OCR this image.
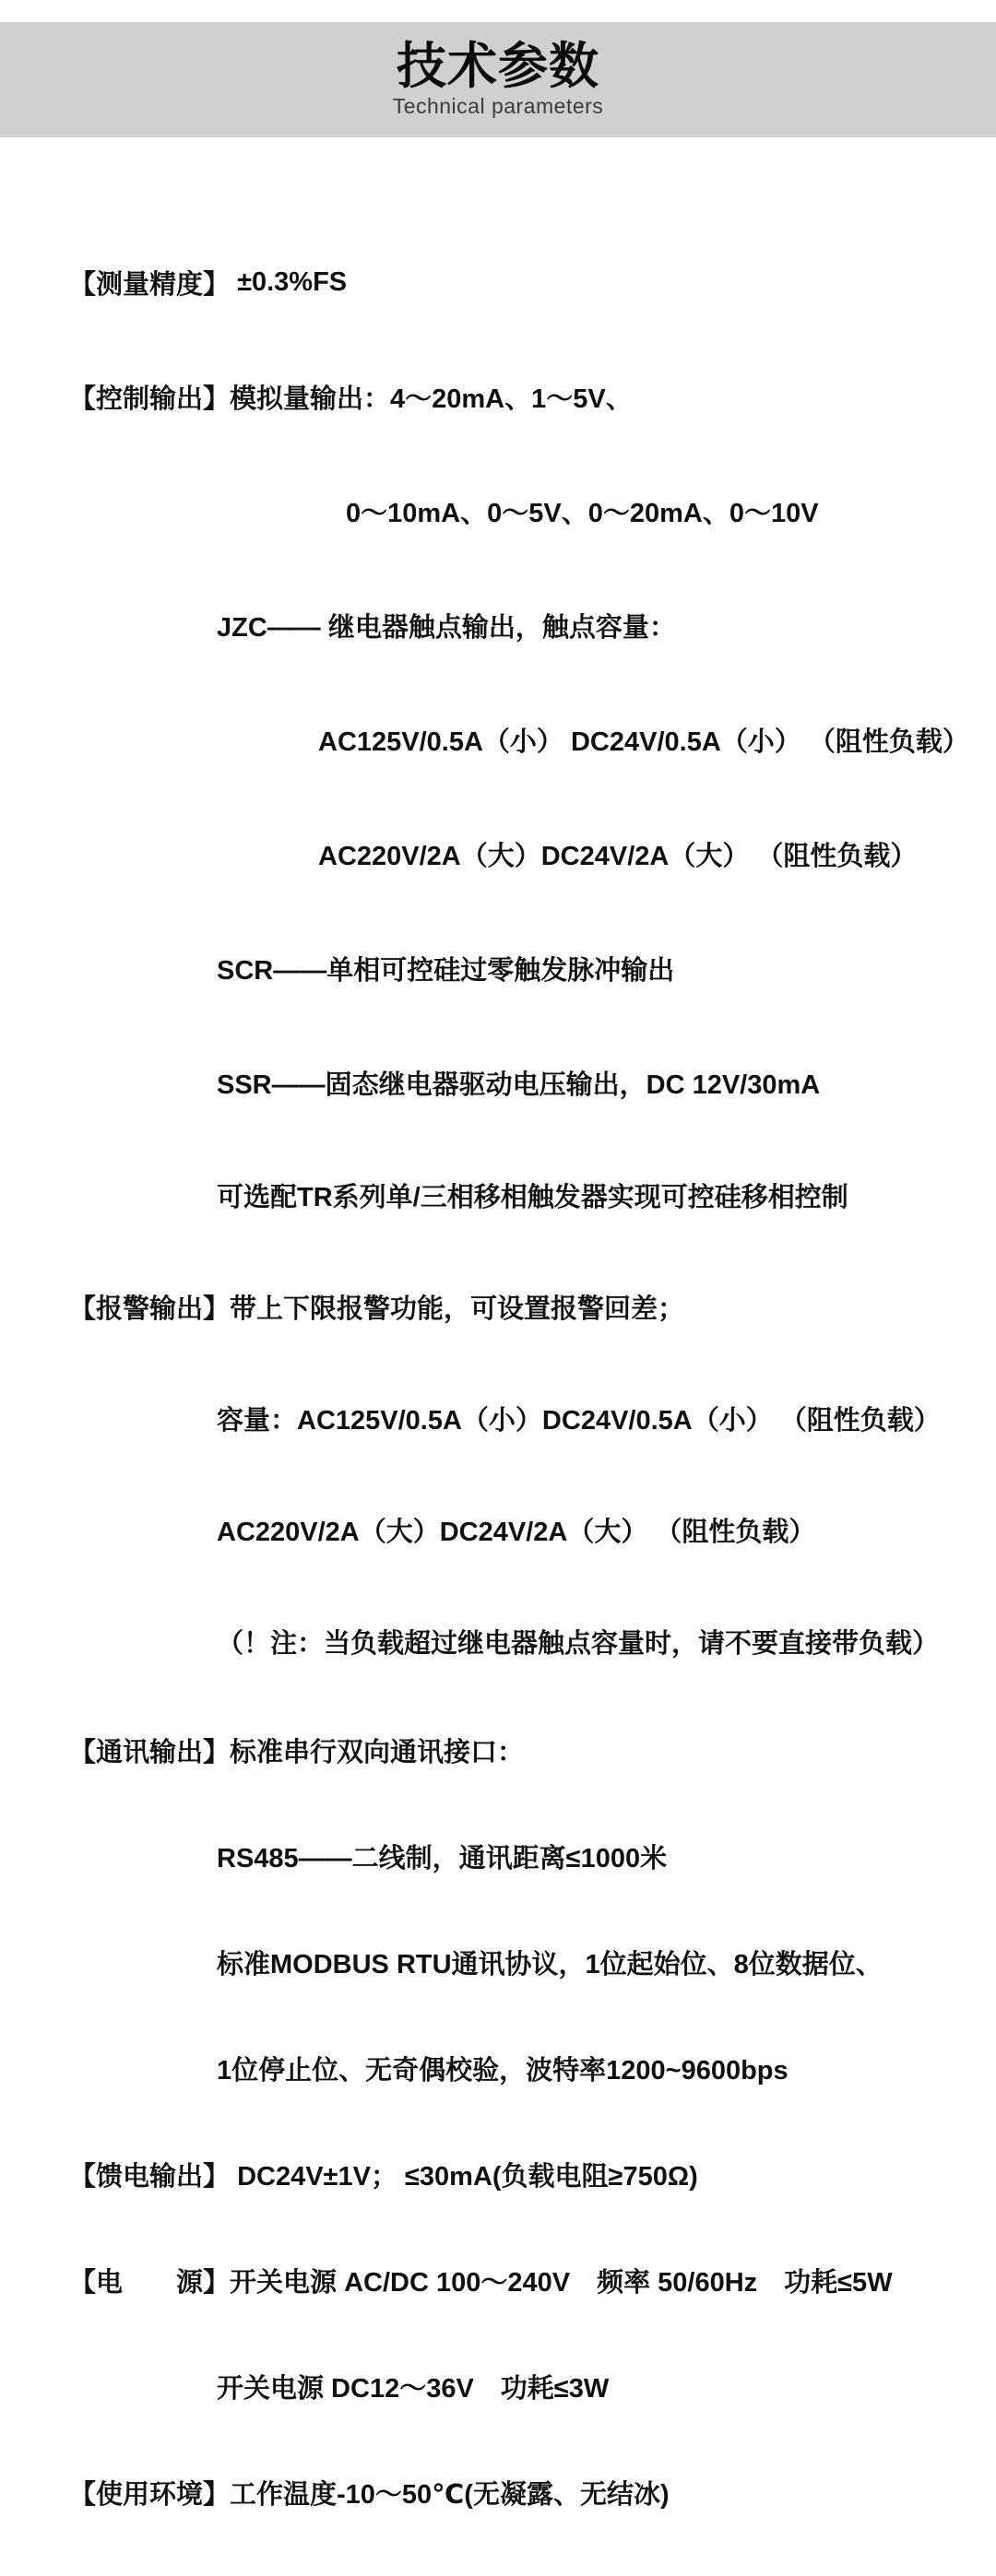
技术参数
Technical parameters

【测量精度】 ±0.3%FS

【控制输出】 模拟量输出：4～20mA、1～5V、

0～10mA、0～5V、0～20mA、0～10V

JZC—— 继电器触点输出，触点容量：

AC125V/0.5A（小） DC24V/0.5A（小） （阻性负载）

AC220V/2A（大）DC24V/2A（大） （阻性负载）

SCR——单相可控硅过零触发脉冲输出

SSR——固态继电器驱动电压输出，DC 12V/30mA

可选配TR系列单/三相移相触发器实现可控硅移相控制

【报警输出】 带上下限报警功能，可设置报警回差；

容量：AC125V/0.5A（小）DC24V/0.5A（小） （阻性负载）

AC220V/2A（大）DC24V/2A（大） （阻性负载）

（！注：当负载超过继电器触点容量时，请不要直接带负载）

【通讯输出】 标准串行双向通讯接口：

RS485——二线制，通讯距离≤1000米

标准MODBUS RTU通讯协议，1位起始位、8位数据位、

1位停止位、无奇偶校验，波特率1200~9600bps

【馈电输出】 DC24V±1V； ≤30mA(负载电阻≥750Ω)

【电　　源】 开关电源 AC/DC 100～240V　频率 50/60Hz　功耗≤5W

开关电源 DC12～36V　功耗≤3W

【使用环境】 工作温度-10～50℃(无凝露、无结冰)
